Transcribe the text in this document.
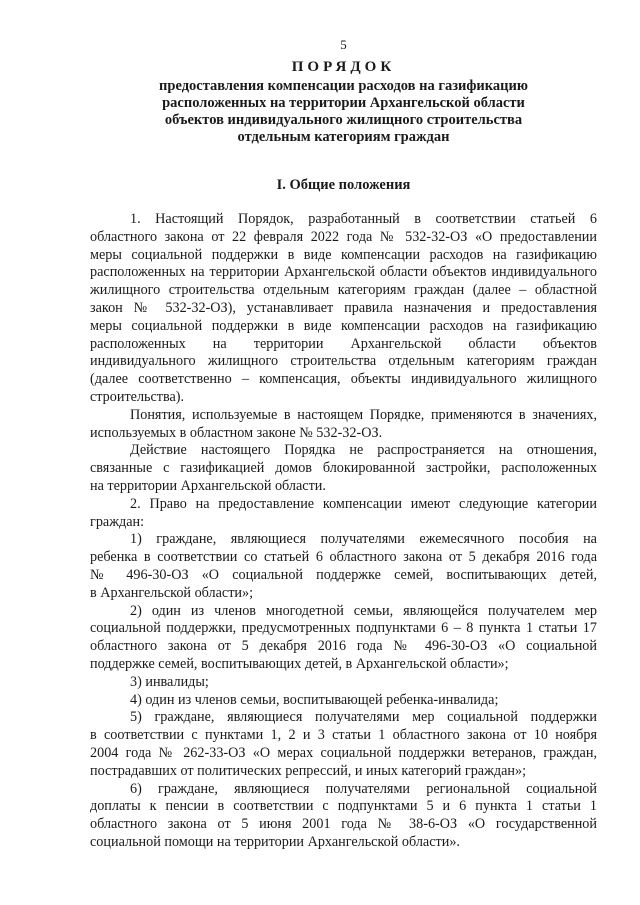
5
ПОРЯДОК
предоставления компенсации расходов на газификацию
расположенных на территории Архангельской области
объектов индивидуального жилищного строительства
отдельным категориям граждан
I. Общие положения
1. Настоящий Порядок, разработанный в соответствии статьей 6
областного закона от 22 февраля 2022 года № 532-32-ОЗ «О предоставлении
меры социальной поддержки в виде компенсации расходов на газификацию
расположенных на территории Архангельской области объектов индивидуального
жилищного строительства отдельным категориям граждан (далее – областной
закон № 532-32-ОЗ), устанавливает правила назначения и предоставления
меры социальной поддержки в виде компенсации расходов на газификацию
расположенных на территории Архангельской области объектов
индивидуального жилищного строительства отдельным категориям граждан
(далее соответственно – компенсация, объекты индивидуального жилищного
строительства).
Понятия, используемые в настоящем Порядке, применяются в значениях,
используемых в областном законе № 532-32-ОЗ.
Действие настоящего Порядка не распространяется на отношения,
связанные с газификацией домов блокированной застройки, расположенных
на территории Архангельской области.
2. Право на предоставление компенсации имеют следующие категории
граждан:
1) граждане, являющиеся получателями ежемесячного пособия на
ребенка в соответствии со статьей 6 областного закона от 5 декабря 2016 года
№ 496-30-ОЗ «О социальной поддержке семей, воспитывающих детей,
в Архангельской области»;
2) один из членов многодетной семьи, являющейся получателем мер
социальной поддержки, предусмотренных подпунктами 6 – 8 пункта 1 статьи 17
областного закона от 5 декабря 2016 года № 496-30-ОЗ «О социальной
поддержке семей, воспитывающих детей, в Архангельской области»;
3) инвалиды;
4) один из членов семьи, воспитывающей ребенка-инвалида;
5) граждане, являющиеся получателями мер социальной поддержки
в соответствии с пунктами 1, 2 и 3 статьи 1 областного закона от 10 ноября
2004 года № 262-33-ОЗ «О мерах социальной поддержки ветеранов, граждан,
пострадавших от политических репрессий, и иных категорий граждан»;
6) граждане, являющиеся получателями региональной социальной
доплаты к пенсии в соответствии с подпунктами 5 и 6 пункта 1 статьи 1
областного закона от 5 июня 2001 года № 38-6-ОЗ «О государственной
социальной помощи на территории Архангельской области».
